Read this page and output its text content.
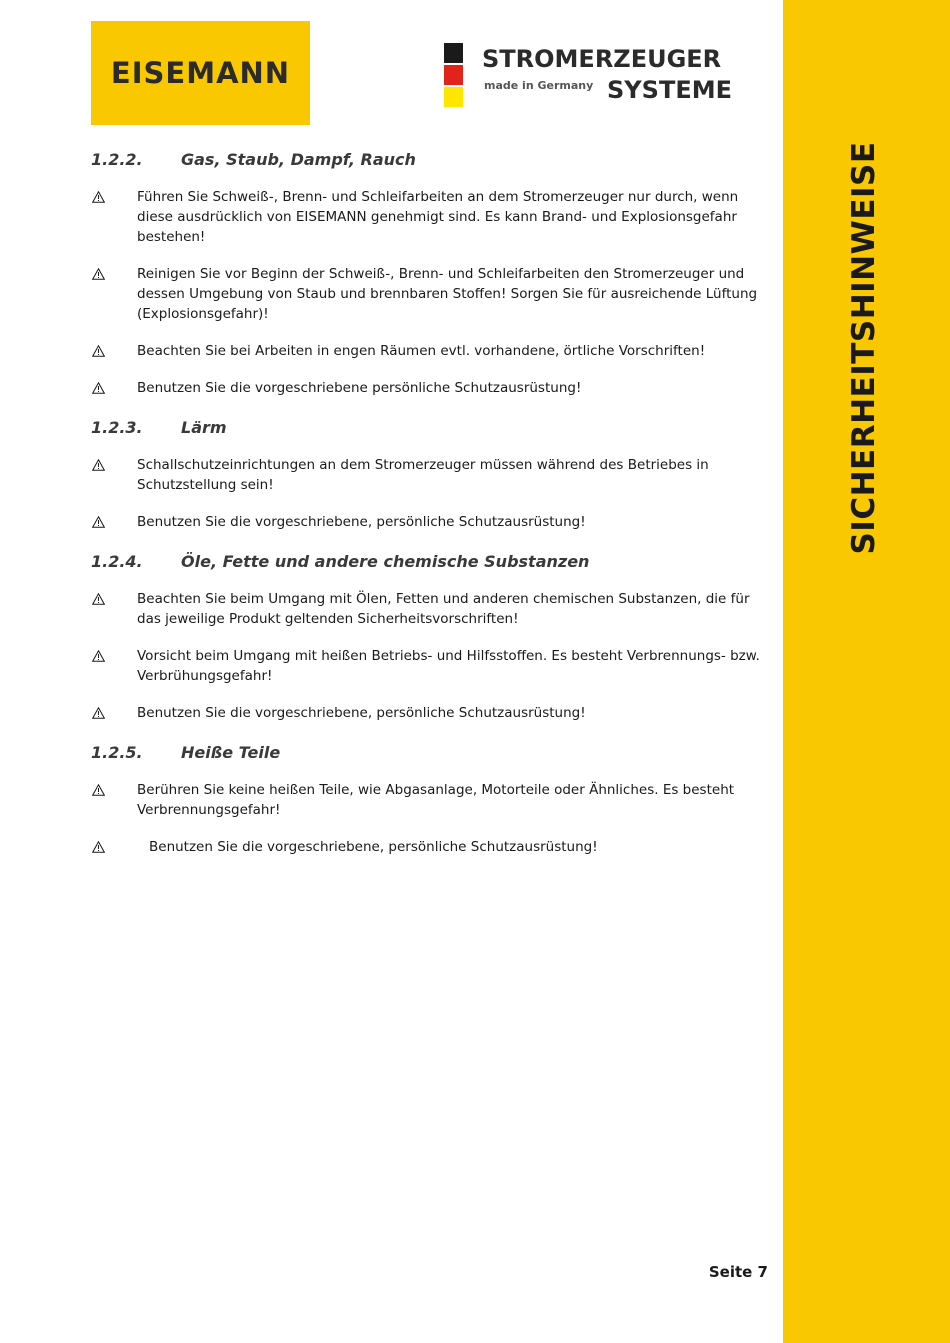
SICHERHEITSHINWEISE
EISEMANN	STROMERZEUGER
made in Germany SYSTEME
1.2.2.	Gas, Staub, Dampf, Rauch
Führen Sie Schweiß-, Brenn- und Schleifarbeiten an dem Stromerzeuger nur durch, wenn diese ausdrücklich von EISEMANN genehmigt sind. Es kann Brand- und Explosionsgefahr bestehen!
Reinigen Sie vor Beginn der Schweiß-, Brenn- und Schleifarbeiten den Stromerzeuger und dessen Umgebung von Staub und brennbaren Stoffen! Sorgen Sie für ausreichende Lüftung (Explosionsgefahr)!
Beachten Sie bei Arbeiten in engen Räumen evtl. vorhandene, örtliche Vorschriften!
Benutzen Sie die vorgeschriebene persönliche Schutzausrüstung!
1.2.3.	Lärm
Schallschutzeinrichtungen an dem Stromerzeuger müssen während des Betriebes in Schutzstellung sein!
Benutzen Sie die vorgeschriebene, persönliche Schutzausrüstung!
1.2.4.	Öle, Fette und andere chemische Substanzen
Beachten Sie beim Umgang mit Ölen, Fetten und anderen chemischen Substanzen, die für das jeweilige Produkt geltenden Sicherheitsvorschriften!
Vorsicht beim Umgang mit heißen Betriebs- und Hilfsstoffen. Es besteht Verbrennungs- bzw. Verbrühungsgefahr!
Benutzen Sie die vorgeschriebene, persönliche Schutzausrüstung!
1.2.5.	Heiße Teile
Berühren Sie keine heißen Teile, wie Abgasanlage, Motorteile oder Ähnliches. Es besteht Verbrennungsgefahr!
Benutzen Sie die vorgeschriebene, persönliche Schutzausrüstung!
Seite 7
